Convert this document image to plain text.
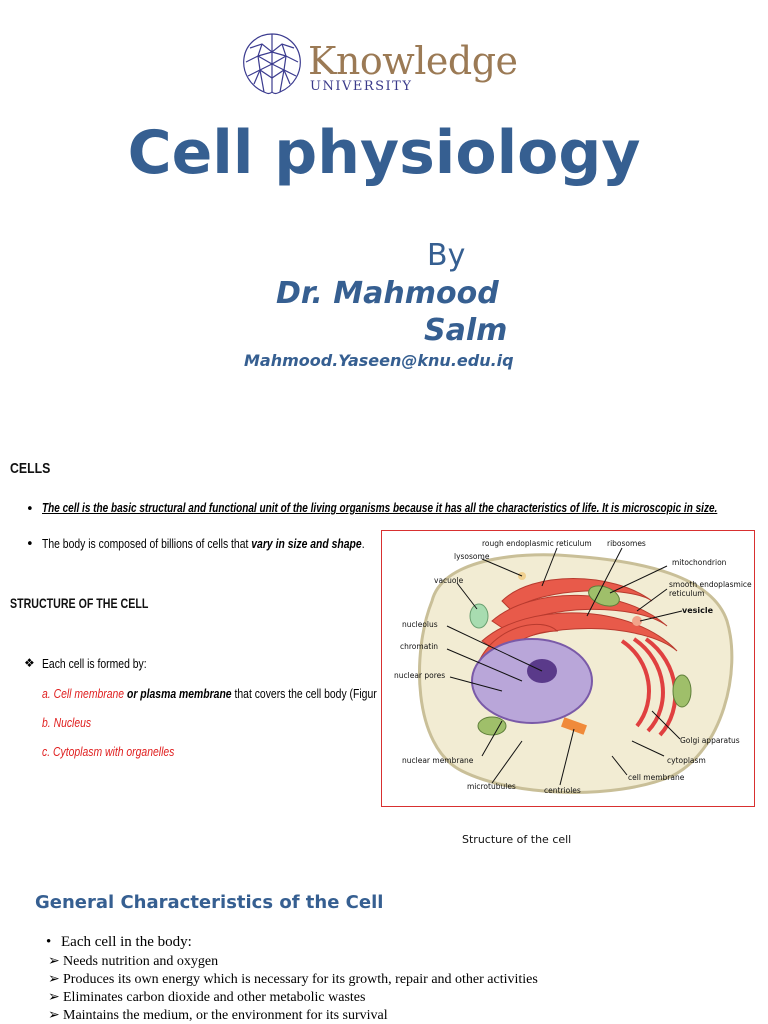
Knowledge
UNIVERSITY
Cell physiology
By
Dr. Mahmood
Salm
Mahmood.Yaseen@knu.edu.iq
CELLS
• The cell is the basic structural and functional unit of the living organisms because it has all the characteristics of life. It is microscopic in size.
• The body is composed of billions of cells that vary in size and shape.
STRUCTURE OF THE CELL
❖ Each cell is formed by:
a. Cell membrane or plasma membrane that covers the cell body (Figur
b. Nucleus
c. Cytoplasm with organelles
rough endoplasmic reticulum ribosomes
lysosome
mitochondrion
smooth endoplasmice
reticulum
vacuole
vesicle
nucleolus
chromatin
nuclear pores
Golgi apparatus
nuclear membrane	cytoplasm
cell membrane
microtubules	centrioles
Structure of the cell
General Characteristics of the Cell
• Each cell in the body:
➢ Needs nutrition and oxygen
➢ Produces its own energy which is necessary for its growth, repair and other activities
➢ Eliminates carbon dioxide and other metabolic wastes
➢ Maintains the medium, or the environment for its survival
